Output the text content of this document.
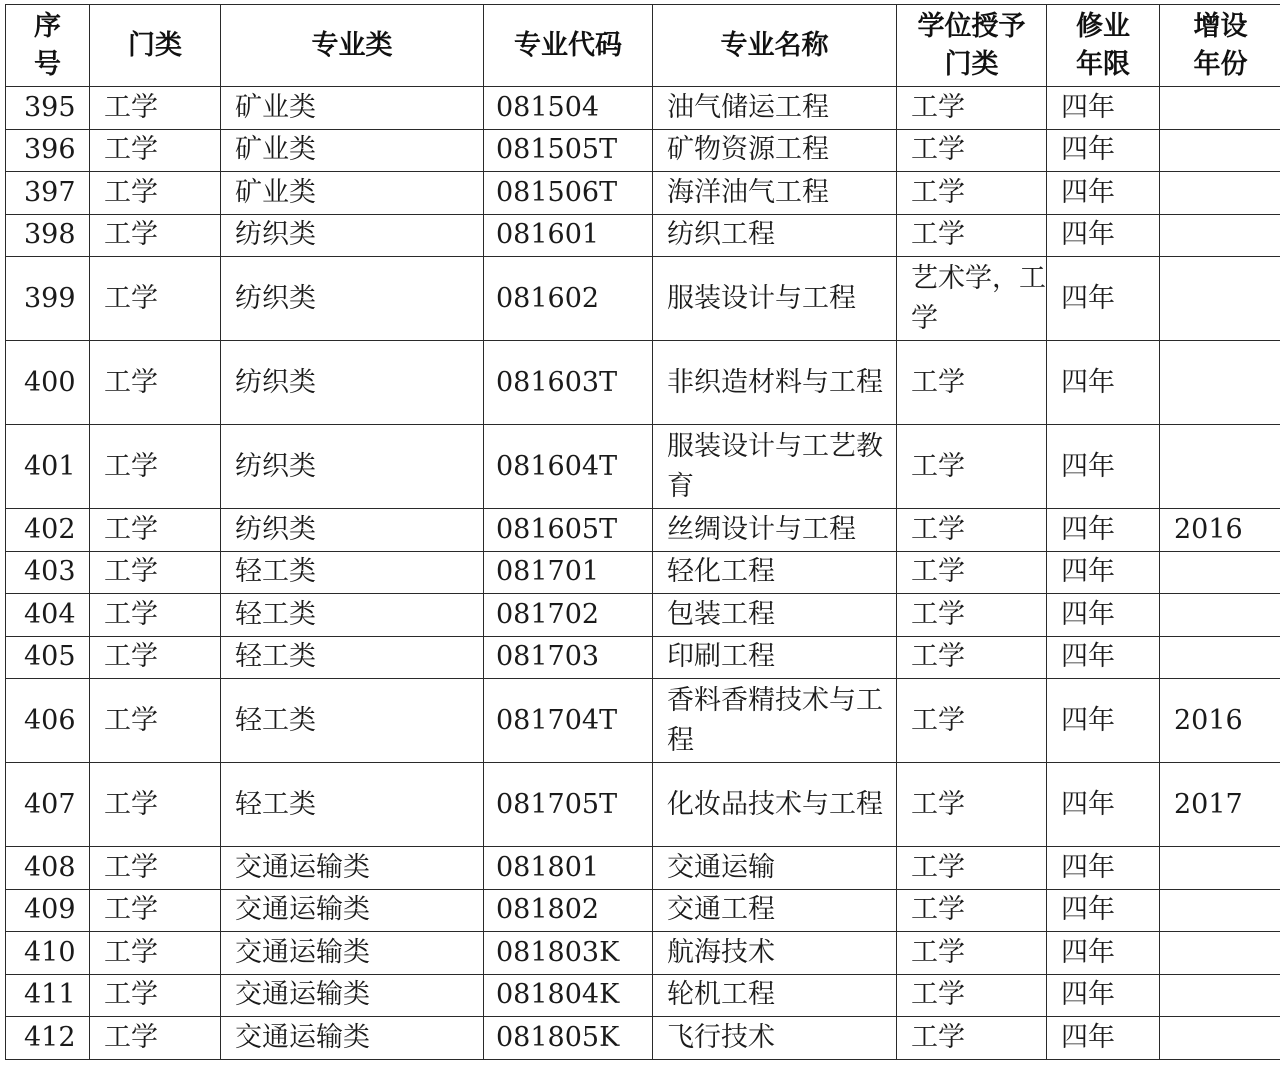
序号	门类	专业类	专业代码	专业名称	学位授予门类	修业年限	增设年份
395	工学	矿业类	081504	油气储运工程	工学	四年	
396	工学	矿业类	081505T	矿物资源工程	工学	四年	
397	工学	矿业类	081506T	海洋油气工程	工学	四年	
398	工学	纺织类	081601	纺织工程	工学	四年	
399	工学	纺织类	081602	服装设计与工程	艺术学，工学	四年	
400	工学	纺织类	081603T	非织造材料与工程	工学	四年	
401	工学	纺织类	081604T	服装设计与工艺教育	工学	四年	
402	工学	纺织类	081605T	丝绸设计与工程	工学	四年	2016
403	工学	轻工类	081701	轻化工程	工学	四年	
404	工学	轻工类	081702	包装工程	工学	四年	
405	工学	轻工类	081703	印刷工程	工学	四年	
406	工学	轻工类	081704T	香料香精技术与工程	工学	四年	2016
407	工学	轻工类	081705T	化妆品技术与工程	工学	四年	2017
408	工学	交通运输类	081801	交通运输	工学	四年	
409	工学	交通运输类	081802	交通工程	工学	四年	
410	工学	交通运输类	081803K	航海技术	工学	四年	
411	工学	交通运输类	081804K	轮机工程	工学	四年	
412	工学	交通运输类	081805K	飞行技术	工学	四年	
